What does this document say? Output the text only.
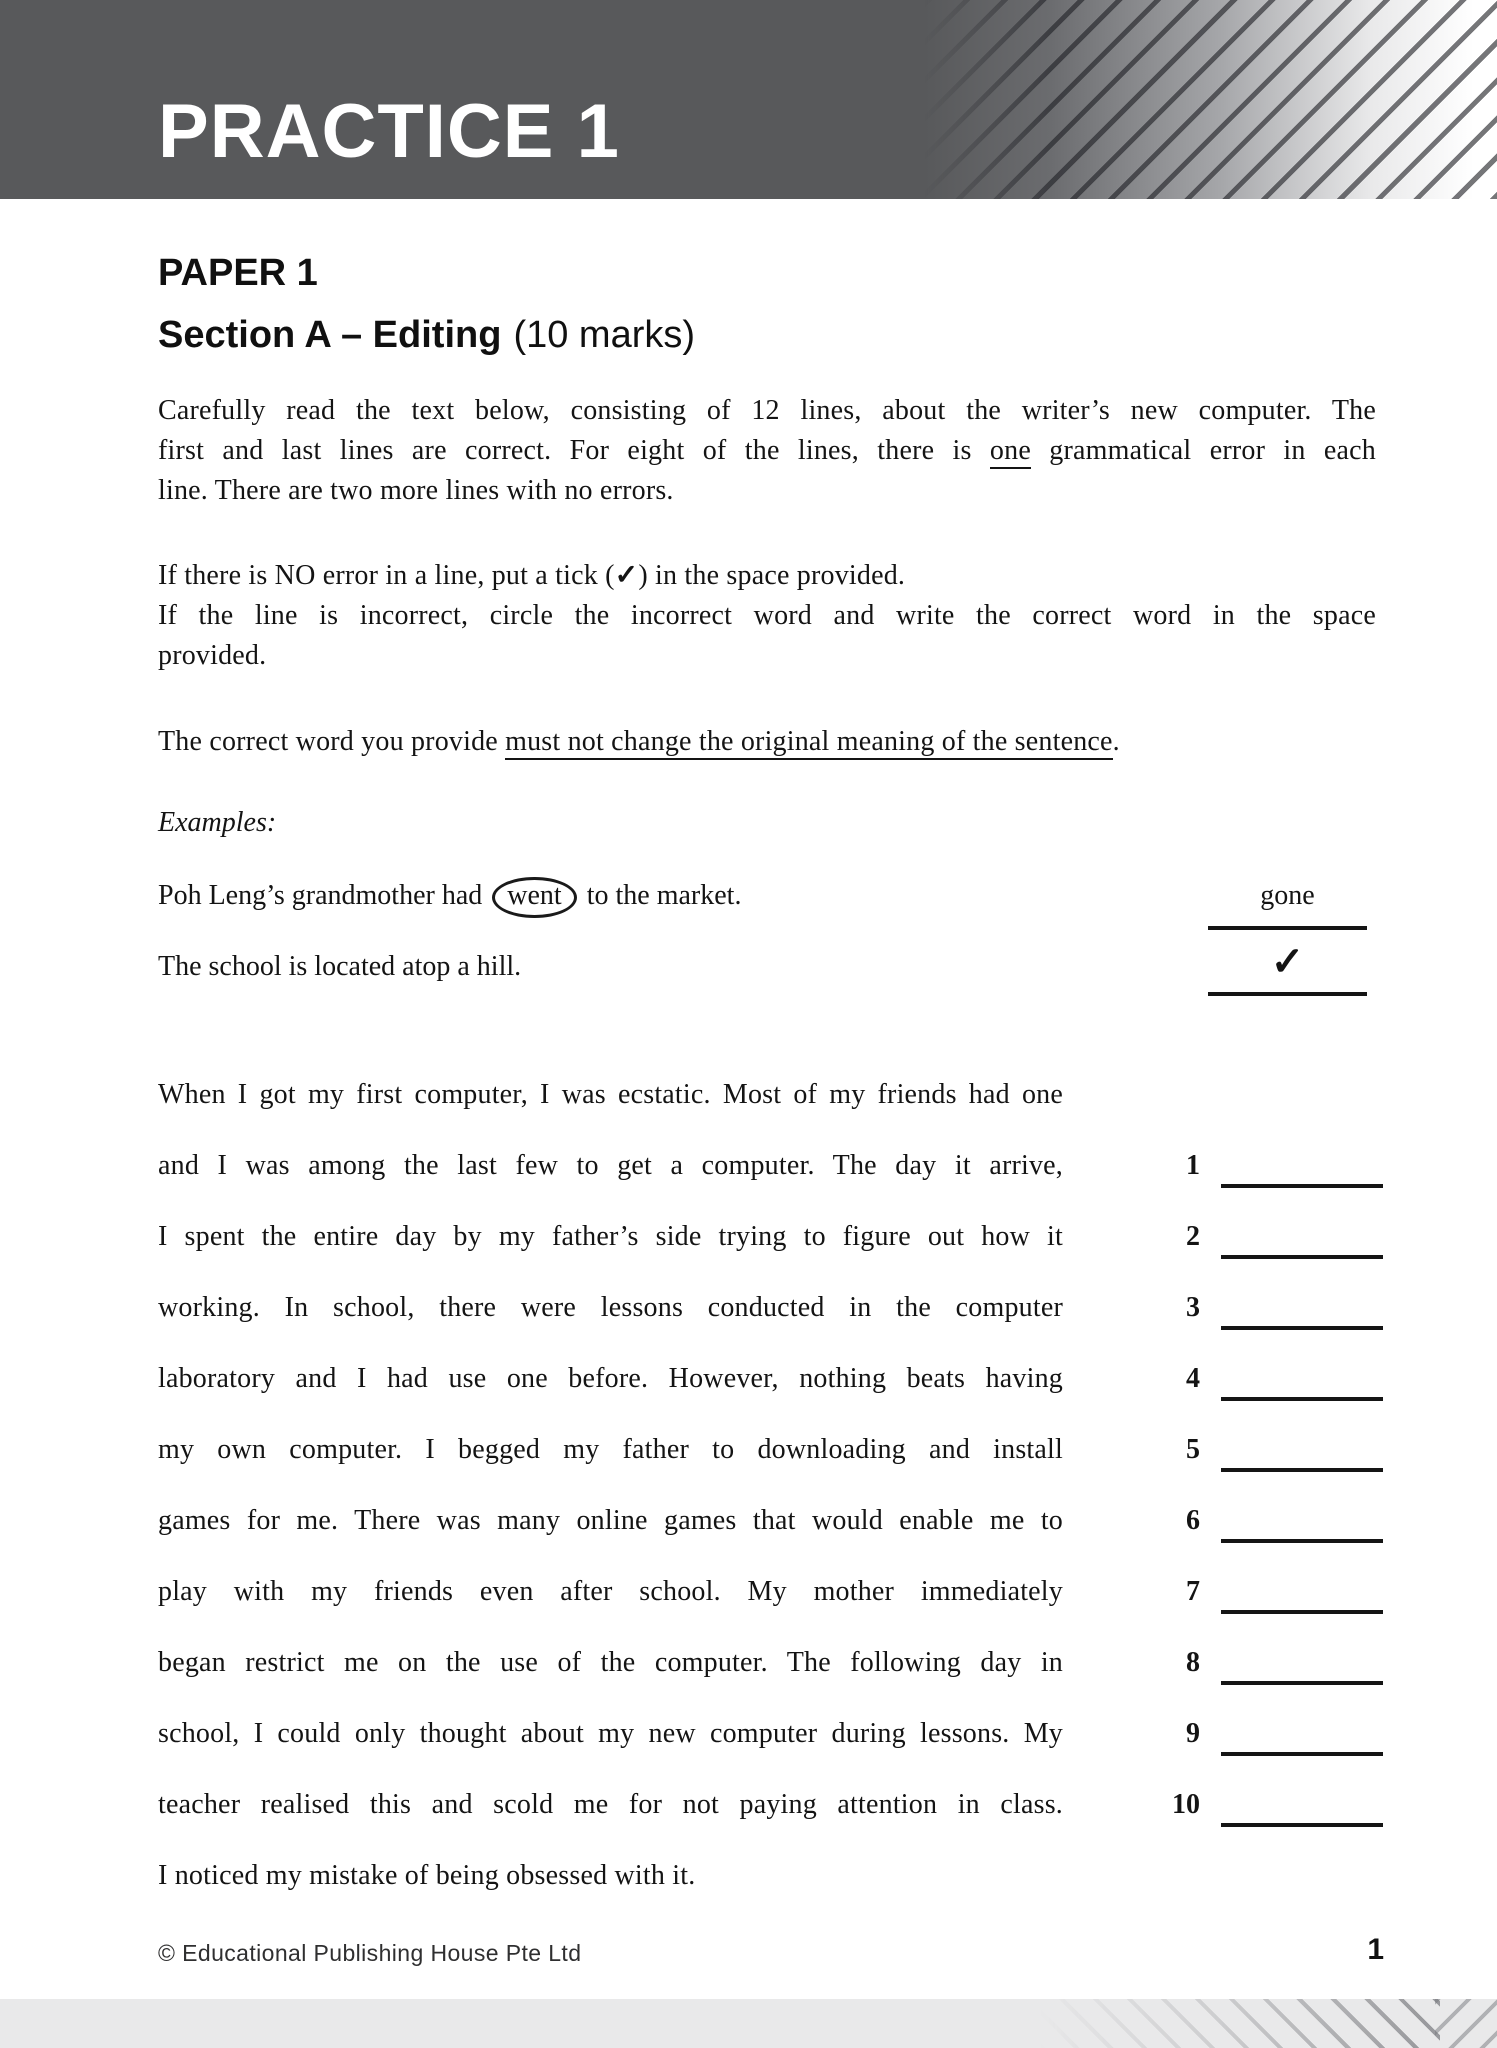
PRACTICE 1
PAPER 1
Section A – Editing (10 marks)
Carefully read the text below, consisting of 12 lines, about the writer’s new computer. The
first and last lines are correct. For eight of the lines, there is one grammatical error in each
line. There are two more lines with no errors.
If there is NO error in a line, put a tick (✓) in the space provided.
If the line is incorrect, circle the incorrect word and write the correct word in the space
provided.
The correct word you provide must not change the original meaning of the sentence.
Examples:
Poh Leng’s grandmother had went to the market.	gone
The school is located atop a hill.	✓
When I got my first computer, I was ecstatic. Most of my friends had one
and I was among the last few to get a computer. The day it arrive,	1
I spent the entire day by my father’s side trying to figure out how it	2
working. In school, there were lessons conducted in the computer	3
laboratory and I had use one before. However, nothing beats having	4
my own computer. I begged my father to downloading and install	5
games for me. There was many online games that would enable me to	6
play with my friends even after school. My mother immediately	7
began restrict me on the use of the computer. The following day in	8
school, I could only thought about my new computer during lessons. My	9
teacher realised this and scold me for not paying attention in class.	10
I noticed my mistake of being obsessed with it.
© Educational Publishing House Pte Ltd	1
